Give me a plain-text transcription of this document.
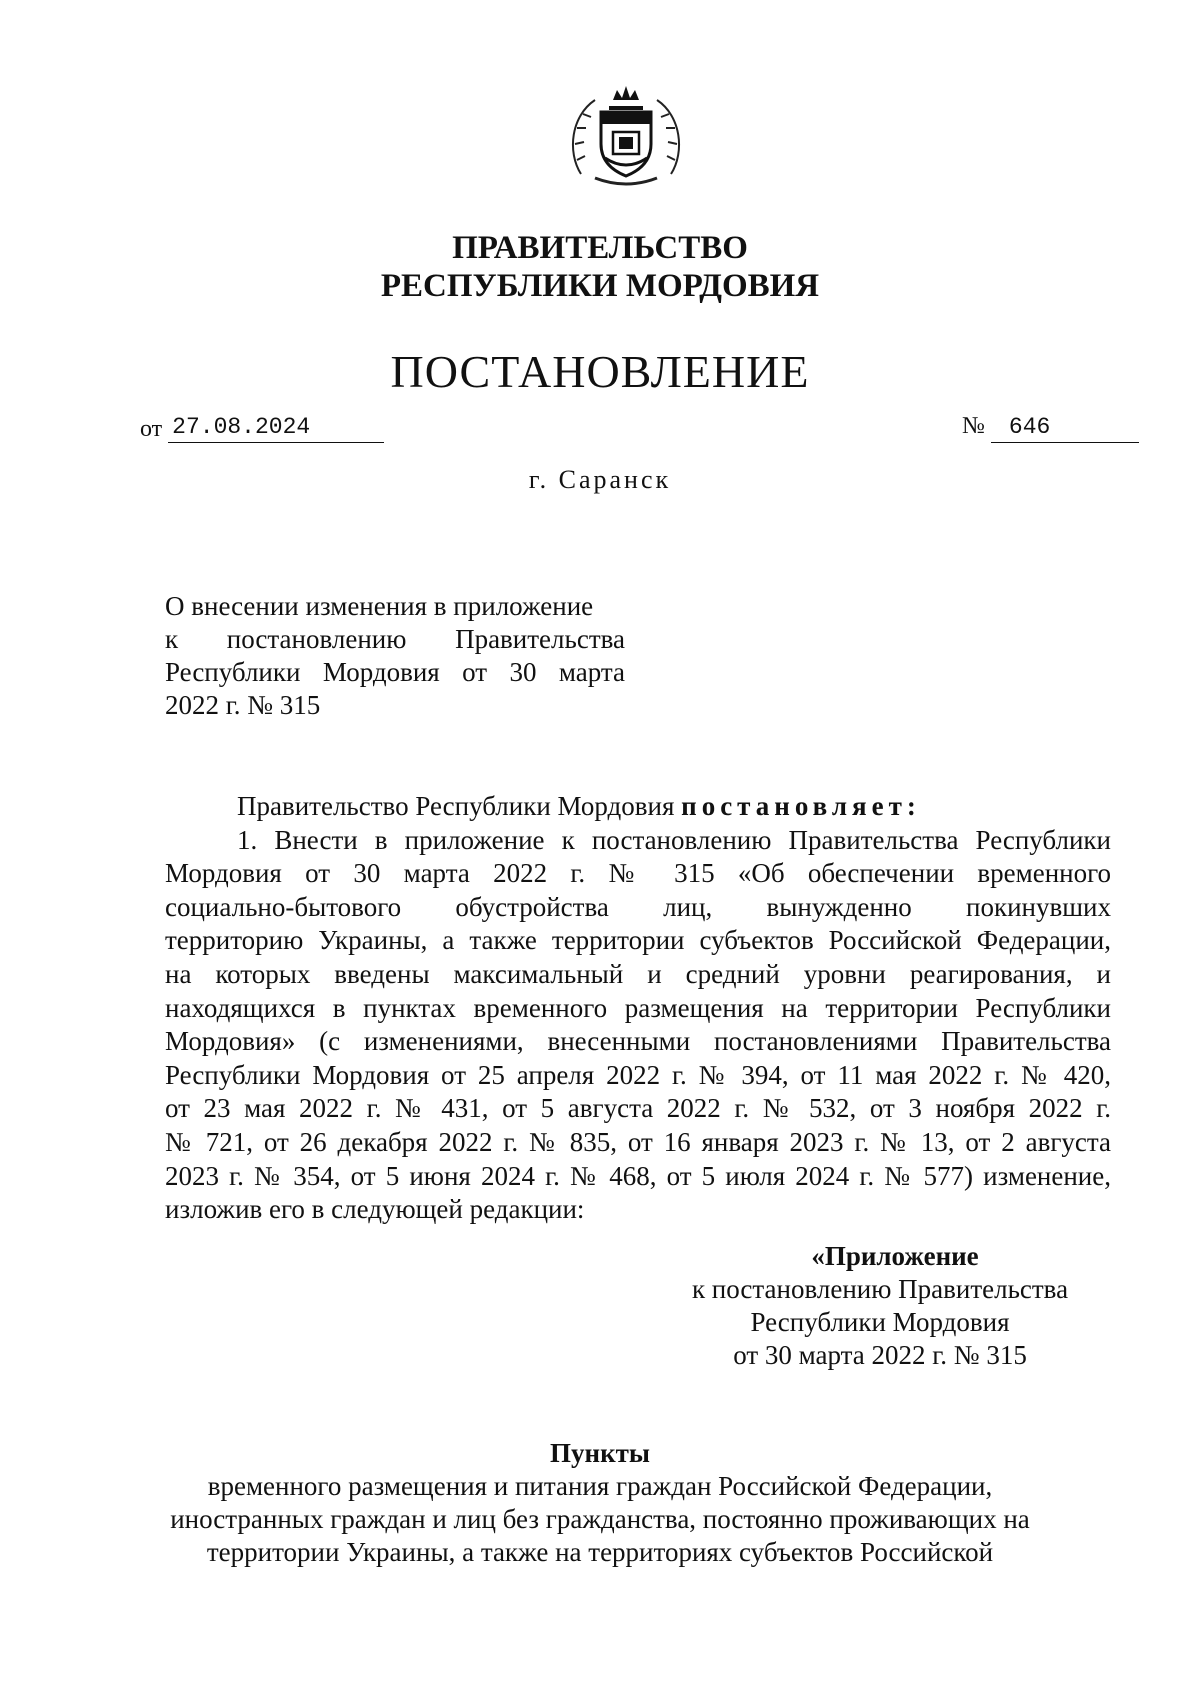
ПРАВИТЕЛЬСТВО
РЕСПУБЛИКИ МОРДОВИЯ
ПОСТАНОВЛЕНИЕ
от 27.08.2024	№ 646
г. Саранск
О внесении изменения в приложение
к постановлению Правительства
Республики Мордовия от 30 марта
2022 г. № 315
Правительство Республики Мордовия постановляет:
1. Внести в приложение к постановлению Правительства Республики
Мордовия от 30 марта 2022 г. № 315 «Об обеспечении временного
социально-бытового обустройства лиц, вынужденно покинувших
территорию Украины, а также территории субъектов Российской Федерации,
на которых введены максимальный и средний уровни реагирования, и
находящихся в пунктах временного размещения на территории Республики
Мордовия» (с изменениями, внесенными постановлениями Правительства
Республики Мордовия от 25 апреля 2022 г. № 394, от 11 мая 2022 г. № 420,
от 23 мая 2022 г. № 431, от 5 августа 2022 г. № 532, от 3 ноября 2022 г.
№ 721, от 26 декабря 2022 г. № 835, от 16 января 2023 г. № 13, от 2 августа
2023 г. № 354, от 5 июня 2024 г. № 468, от 5 июля 2024 г. № 577) изменение,
изложив его в следующей редакции:
«Приложение
к постановлению Правительства
Республики Мордовия
от 30 марта 2022 г. № 315
Пункты
временного размещения и питания граждан Российской Федерации,
иностранных граждан и лиц без гражданства, постоянно проживающих на
территории Украины, а также на территориях субъектов Российской
